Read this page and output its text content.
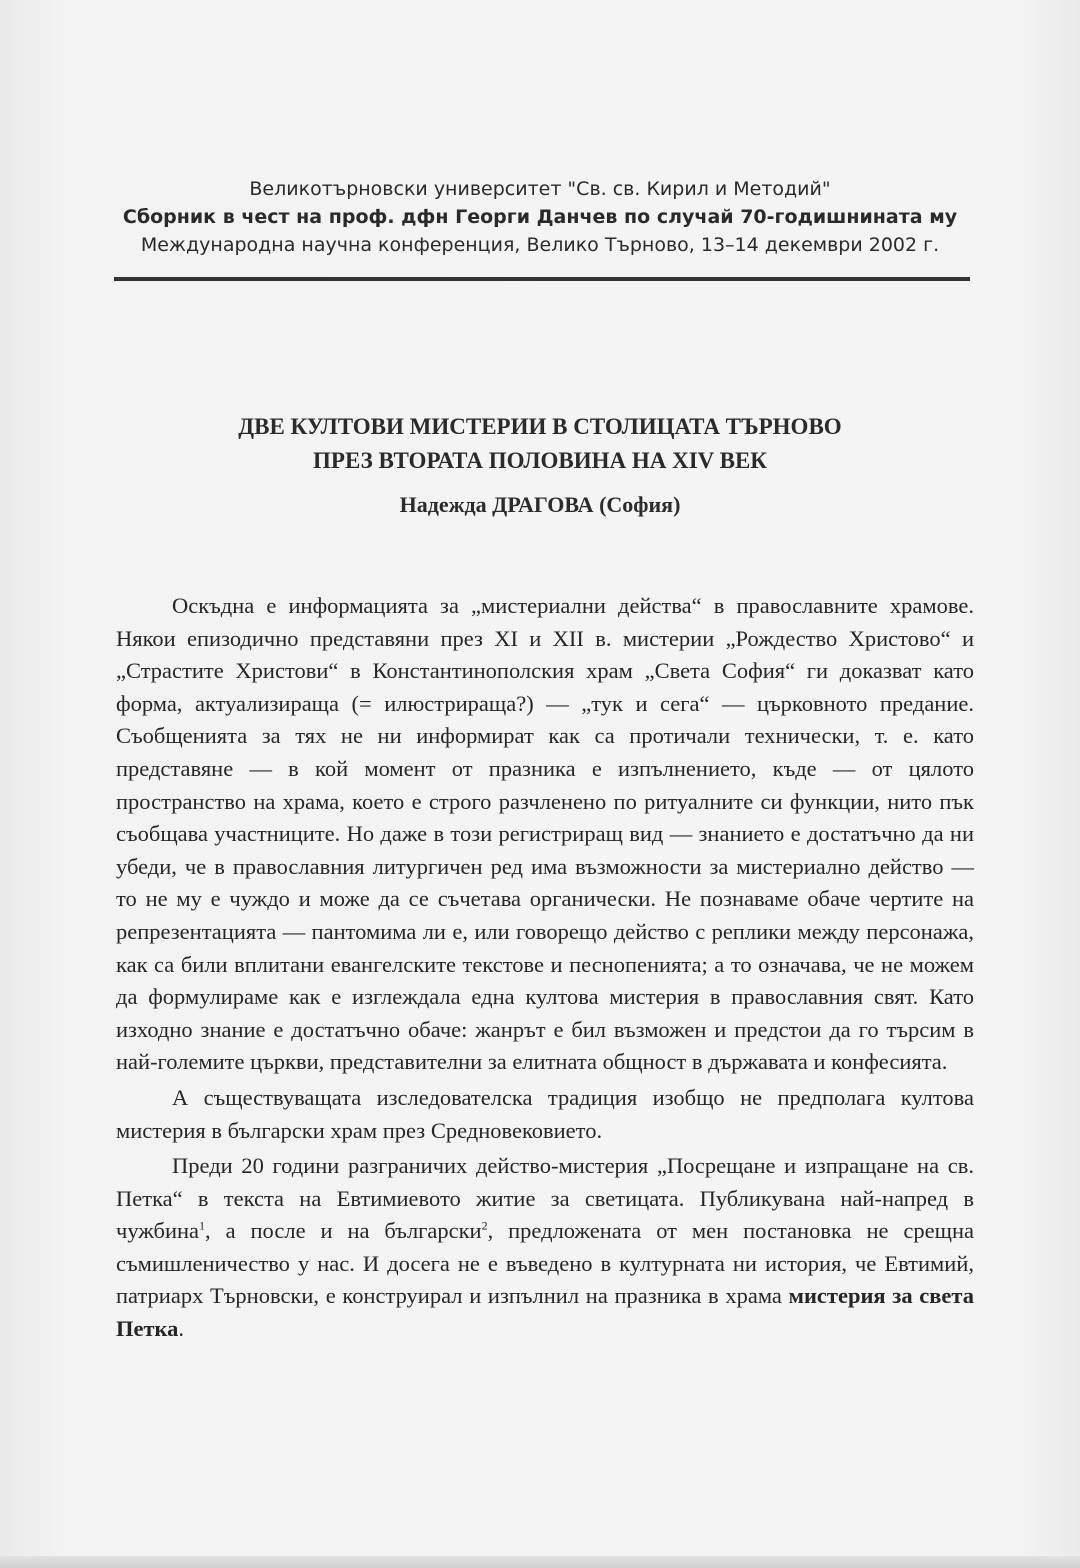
Великотърновски университет "Св. св. Кирил и Методий"
Сборник в чест на проф. дфн Георги Данчев по случай 70-годишнината му
Международна научна конференция, Велико Търново, 13–14 декември 2002 г.
ДВЕ КУЛТОВИ МИСТЕРИИ В СТОЛИЦАТА ТЪРНОВО
ПРЕЗ ВТОРАТА ПОЛОВИНА НА XIV ВЕК
Надежда ДРАГОВА (София)

Оскъдна е информацията за „мистериални действа“ в православните храмове. Някои епизодично представяни през XI и XII в. мистерии „Рождество Христово“ и „Страстите Христови“ в Константинополския храм „Света София“ ги доказват като форма, актуализираща (= илюстрираща?) — „тук и сега“ — църковното предание. Съобщенията за тях не ни информират как са протичали технически, т. е. като представяне — в кой момент от празника е изпълнението, къде — от цялото пространство на храма, което е строго разчленено по ритуалните си функции, нито пък съобщава участниците. Но даже в този регистриращ вид — знанието е достатъчно да ни убеди, че в православния литургичен ред има възможности за мистериално действо — то не му е чуждо и може да се съчетава органически. Не познаваме обаче чертите на репрезентацията — пантомима ли е, или говорещо действо с реплики между персонажа, как са били вплитани евангелските текстове и песнопенията; а то означава, че не можем да формулираме как е изглеждала една култова мистерия в православния свят. Като изходно знание е достатъчно обаче: жанрът е бил възможен и предстои да го търсим в най-големите църкви, представителни за елитната общност в държавата и конфесията.

А съществуващата изследователска традиция изобщо не предполага култова мистерия в български храм през Средновековието.

Преди 20 години разграничих действо-мистерия „Посрещане и изпращане на св. Петка“ в текста на Евтимиевото житие за светицата. Публикувана най-напред в чужбина$^1$, а после и на български$^2$, предложената от мен постановка не срещна съмишленичество у нас. И досега не е въведено в културната ни история, че Евтимий, патриарх Търновски, е конструирал и изпълнил на празника в храма мистерия за света Петка.
